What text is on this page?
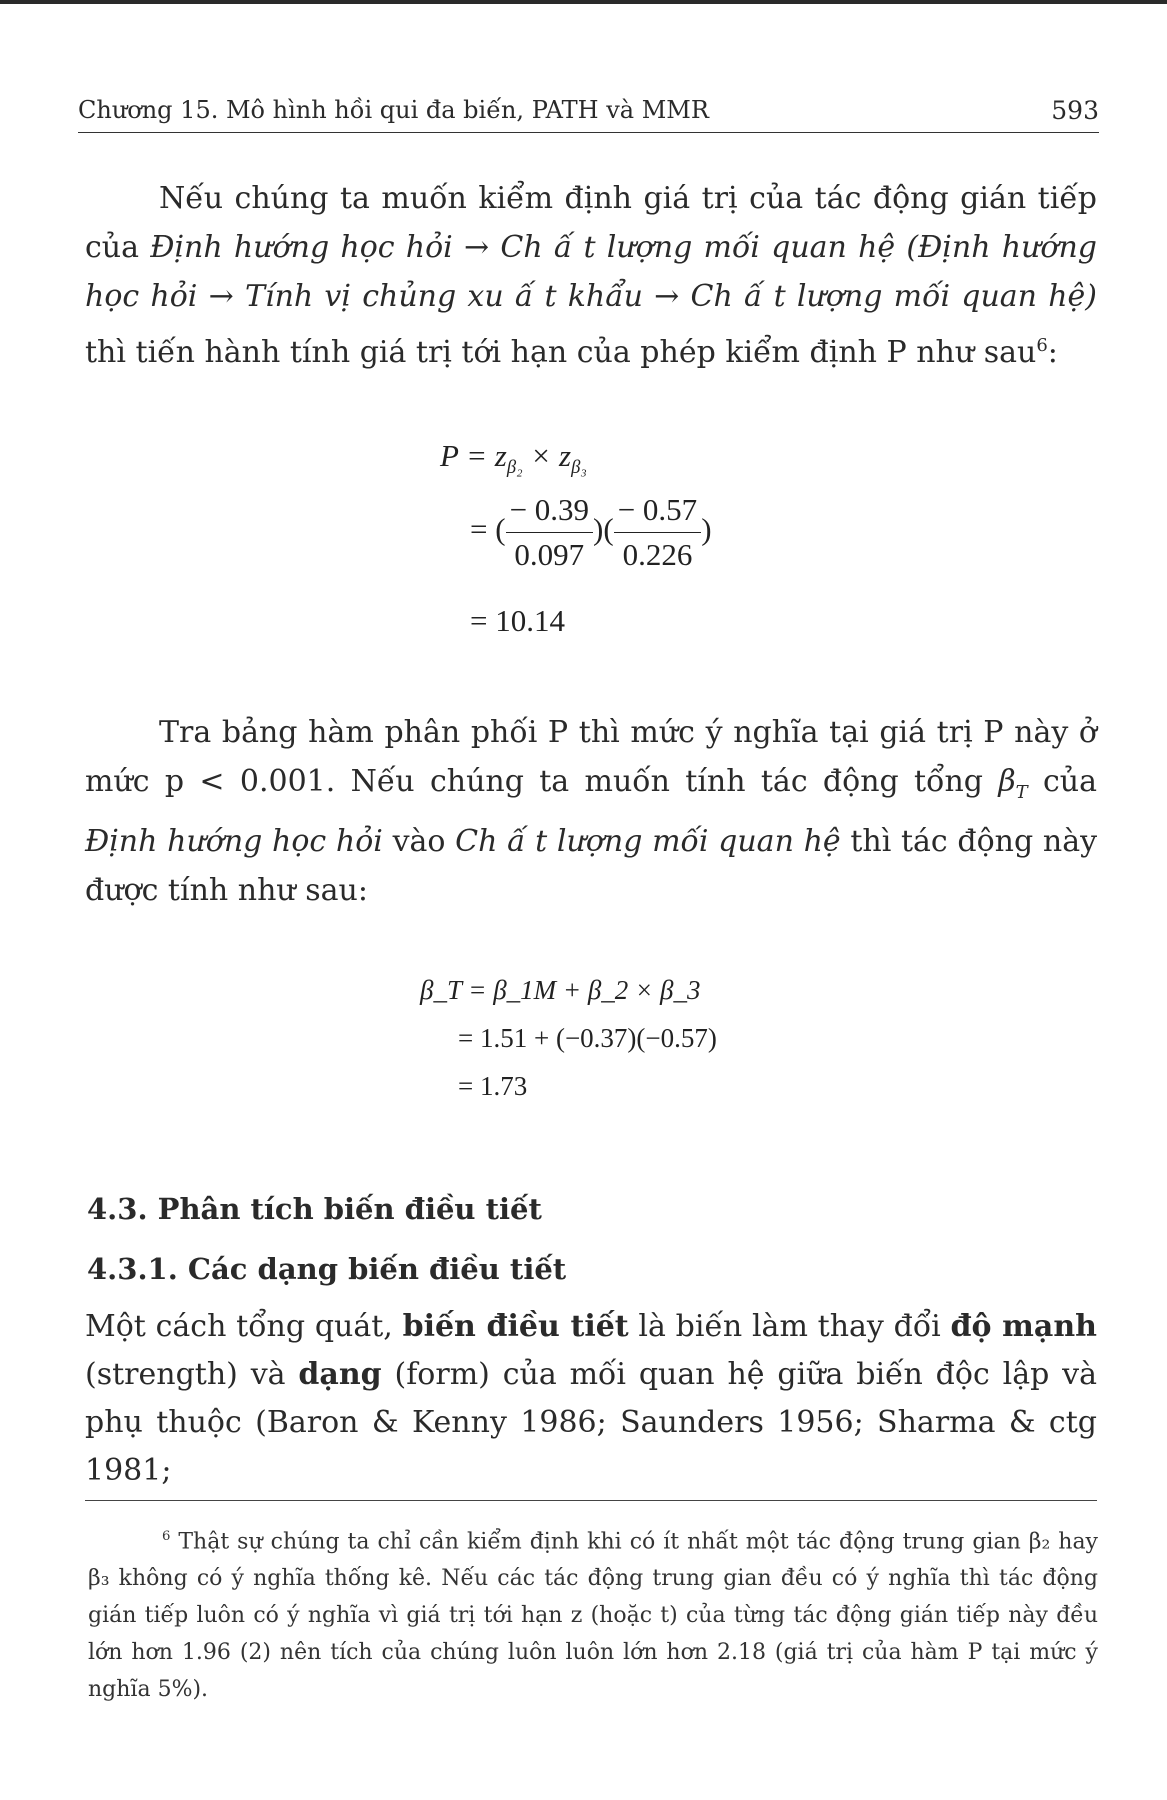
Chương 15. Mô hình hồi qui đa biến, PATH và MMR	593
Nếu chúng ta muốn kiểm định giá trị của tác động gián tiếp của Định hướng học hỏi → Ch ấ t lượng mối quan hệ (Định hướng học hỏi → Tính vị chủng xu ấ t khẩu → Ch ấ t lượng mối quan hệ) thì tiến hành tính giá trị tới hạn của phép kiểm định P như sau$^6$:
$P = z_{\beta_2} \times z_{\beta_3}$
= ( $\frac{- 0.39}{0.097}$ )( $\frac{- 0.57}{0.226}$ )
= 10.14
Tra bảng hàm phân phối P thì mức ý nghĩa tại giá trị P này ở mức p < 0.001. Nếu chúng ta muốn tính tác động tổng $\beta_T$ của Định hướng học hỏi vào Ch ấ t lượng mối quan hệ thì tác động này được tính như sau:
β_T = β_1M + β_2 × β_3
= 1.51 + (−0.37)(−0.57)
= 1.73
4.3. Phân tích biến điều tiết
4.3.1. Các dạng biến điều tiết
Một cách tổng quát, biến điều tiết là biến làm thay đổi độ mạnh (strength) và dạng (form) của mối quan hệ giữa biến độc lập và phụ thuộc (Baron & Kenny 1986; Saunders 1956; Sharma & ctg 1981;
$^6$ Thật sự chúng ta chỉ cần kiểm định khi có ít nhất một tác động trung gian β₂ hay β₃ không có ý nghĩa thống kê. Nếu các tác động trung gian đều có ý nghĩa thì tác động gián tiếp luôn có ý nghĩa vì giá trị tới hạn z (hoặc t) của từng tác động gián tiếp này đều lớn hơn 1.96 (2) nên tích của chúng luôn luôn lớn hơn 2.18 (giá trị của hàm P tại mức ý nghĩa 5%).
